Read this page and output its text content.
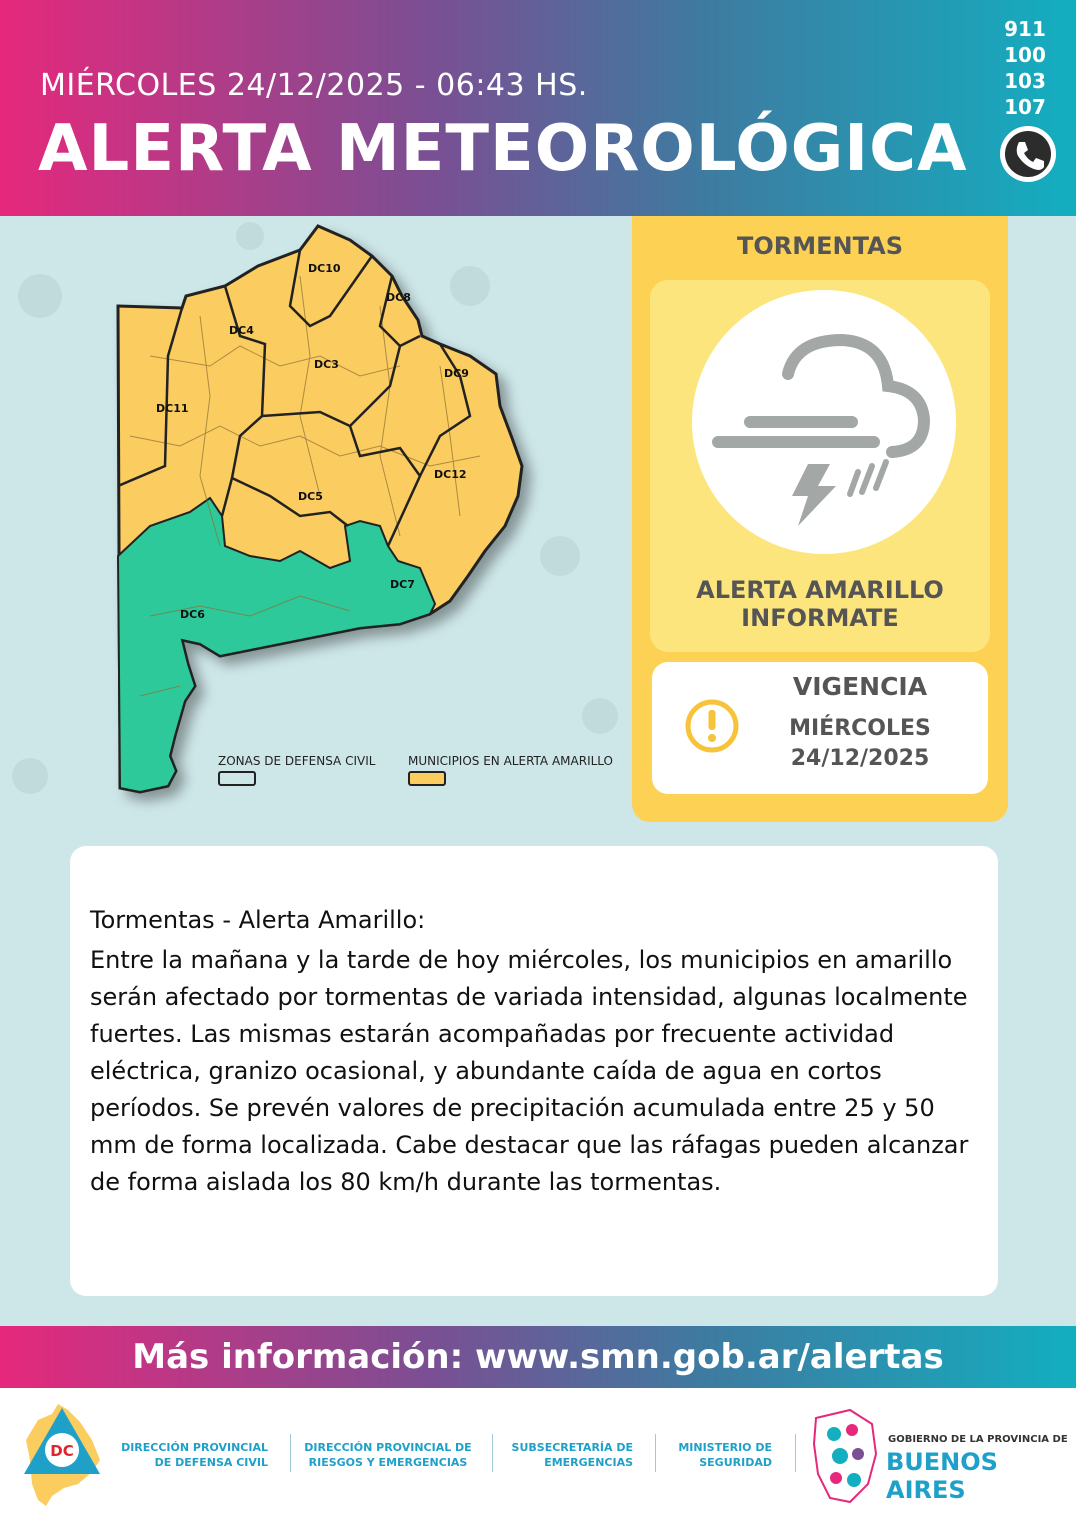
MIÉRCOLES 24/12/2025 - 06:43 HS.
ALERTA METEOROLÓGICA
911
100
103
107
DC10
DC8
DC4
DC3
DC9
DC11
DC12
DC5
DC7
DC6
ZONAS DE DEFENSA CIVIL	MUNICIPIOS EN ALERTA AMARILLO
TORMENTAS
ALERTA AMARILLO
INFORMATE
VIGENCIA
MIÉRCOLES
24/12/2025
Tormentas - Alerta Amarillo:
Entre la mañana y la tarde de hoy miércoles, los municipios en amarillo serán afectado por tormentas de variada intensidad, algunas localmente fuertes. Las mismas estarán acompañadas por frecuente actividad eléctrica, granizo ocasional, y abundante caída de agua en cortos períodos. Se prevén valores de precipitación acumulada entre 25 y 50 mm de forma localizada. Cabe destacar que las ráfagas pueden alcanzar de forma aislada los 80 km/h durante las tormentas.
Más información: www.smn.gob.ar/alertas
DC	DIRECCIÓN PROVINCIAL
DE DEFENSA CIVIL
DIRECCIÓN PROVINCIAL DE
RIESGOS Y EMERGENCIAS
SUBSECRETARÍA DE
EMERGENCIAS
MINISTERIO DE
SEGURIDAD
GOBIERNO DE LA PROVINCIA DE
BUENOS AIRES
